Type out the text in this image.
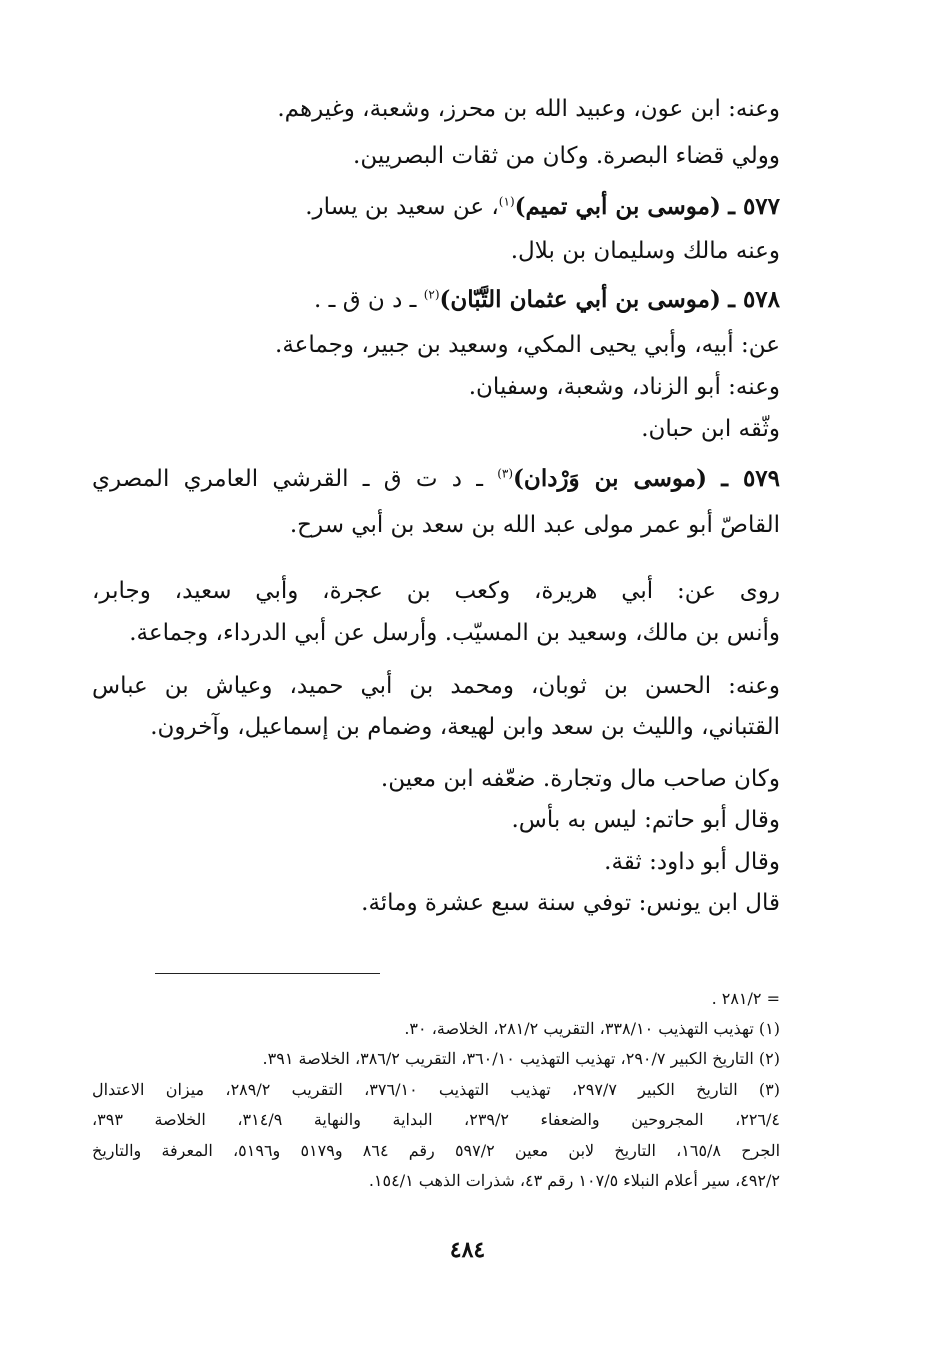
وعنه: ابن عون، وعبيد الله بن محرز، وشعبة، وغيرهم.
وولي قضاء البصرة. وكان من ثقات البصريين.
٥٧٧ ـ (موسى بن أبي تميم)$^{(١)}$، عن سعيد بن يسار.
وعنه مالك وسليمان بن بلال.
٥٧٨ ـ (موسى بن أبي عثمان التَّبّان)$^{(٢)}$ ـ د ن ق ـ .
عن: أبيه، وأبي يحيى المكي، وسعيد بن جبير، وجماعة.
وعنه: أبو الزناد، وشعبة، وسفيان.
وثّقه ابن حبان.
٥٧٩ ـ (موسى بن وَرْدان)$^{(٣)}$ ـ د ت ق ـ القرشي العامري المصري
القاصّ أبو عمر مولى عبد الله بن سعد بن أبي سرح.
روى عن: أبي هريرة، وكعب بن عجرة، وأبي سعيد، وجابر،
وأنس بن مالك، وسعيد بن المسيّب. وأرسل عن أبي الدرداء، وجماعة.
وعنه: الحسن بن ثوبان، ومحمد بن أبي حميد، وعياش بن عباس
القتباني، والليث بن سعد وابن لهيعة، وضمام بن إسماعيل، وآخرون.
وكان صاحب مال وتجارة. ضعّفه ابن معين.
وقال أبو حاتم: ليس به بأس.
وقال أبو داود: ثقة.
قال ابن يونس: توفي سنة سبع عشرة ومائة.
= ٢٨١/٢ .
(١) تهذيب التهذيب ٣٣٨/١٠، التقريب ٢٨١/٢، الخلاصة، ٣٠.
(٢) التاريخ الكبير ٢٩٠/٧، تهذيب التهذيب ٣٦٠/١٠، التقريب ٣٨٦/٢، الخلاصة ٣٩١.
(٣) التاريخ الكبير ٢٩٧/٧، تهذيب التهذيب ٣٧٦/١٠، التقريب ٢٨٩/٢، ميزان الاعتدال
٢٢٦/٤، المجروحين والضعفاء ٢٣٩/٢، البداية والنهاية ٣١٤/٩، الخلاصة ٣٩٣،
الجرح ١٦٥/٨، التاريخ لابن معين ٥٩٧/٢ رقم ٨٦٤ و٥١٧٩ و٥١٩٦، المعرفة والتاريخ
٤٩٢/٢، سير أعلام النبلاء ١٠٧/٥ رقم ٤٣، شذرات الذهب ١٥٤/١.
٤٨٤
